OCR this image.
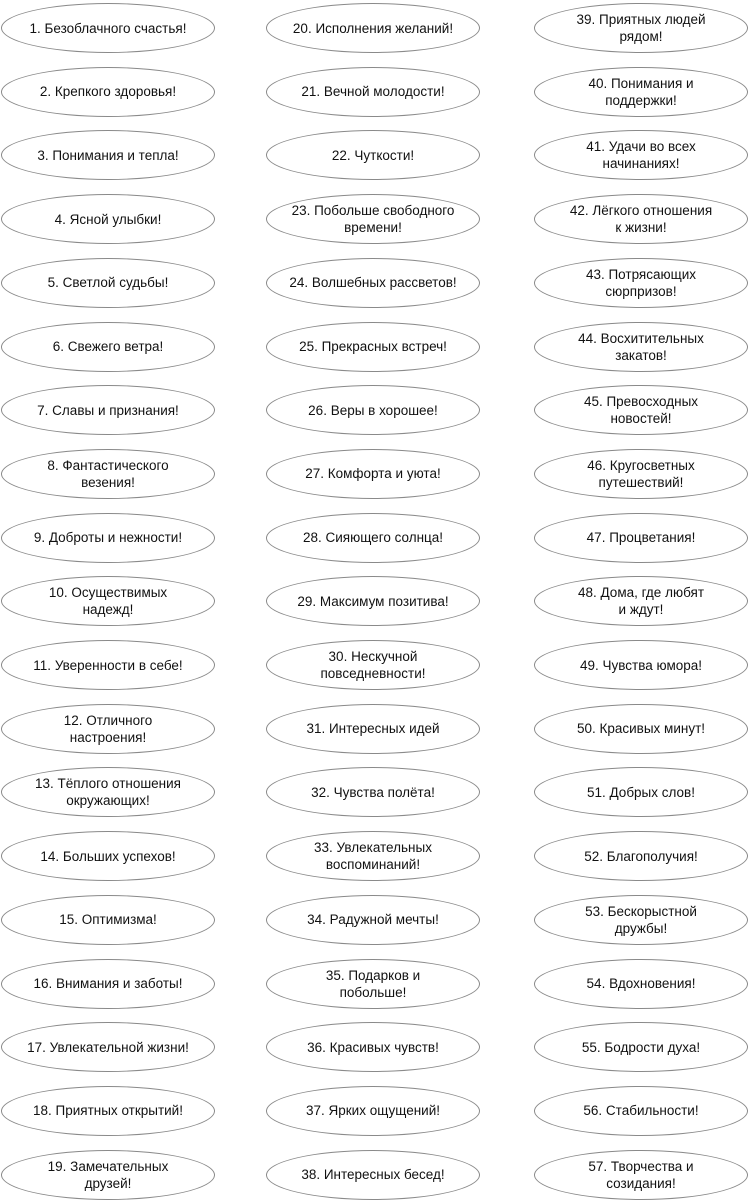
1. Безоблачного счастья!
2. Крепкого здоровья!
3. Понимания и тепла!
4. Ясной улыбки!
5. Светлой судьбы!
6. Свежего ветра!
7. Славы и признания!
8. Фантастического
везения!
9. Доброты и нежности!
10. Осуществимых
надежд!
11. Уверенности в себе!
12. Отличного
настроения!
13. Тёплого отношения
окружающих!
14. Больших успехов!
15. Оптимизма!
16. Внимания и заботы!
17. Увлекательной жизни!
18. Приятных открытий!
19. Замечательных
друзей!
20. Исполнения желаний!
21. Вечной молодости!
22. Чуткости!
23. Побольше свободного
времени!
24. Волшебных рассветов!
25. Прекрасных встреч!
26. Веры в хорошее!
27. Комфорта и уюта!
28. Сияющего солнца!
29. Максимум позитива!
30. Нескучной
повседневности!
31. Интересных идей
32. Чувства полёта!
33. Увлекательных
воспоминаний!
34. Радужной мечты!
35. Подарков и
побольше!
36. Красивых чувств!
37. Ярких ощущений!
38. Интересных бесед!
39. Приятных людей
рядом!
40. Понимания и
поддержки!
41. Удачи во всех
начинаниях!
42. Лёгкого отношения
к жизни!
43. Потрясающих
сюрпризов!
44. Восхитительных
закатов!
45. Превосходных
новостей!
46. Кругосветных
путешествий!
47. Процветания!
48. Дома, где любят
и ждут!
49. Чувства юмора!
50. Красивых минут!
51. Добрых слов!
52. Благополучия!
53. Бескорыстной
дружбы!
54. Вдохновения!
55. Бодрости духа!
56. Стабильности!
57. Творчества и
созидания!
